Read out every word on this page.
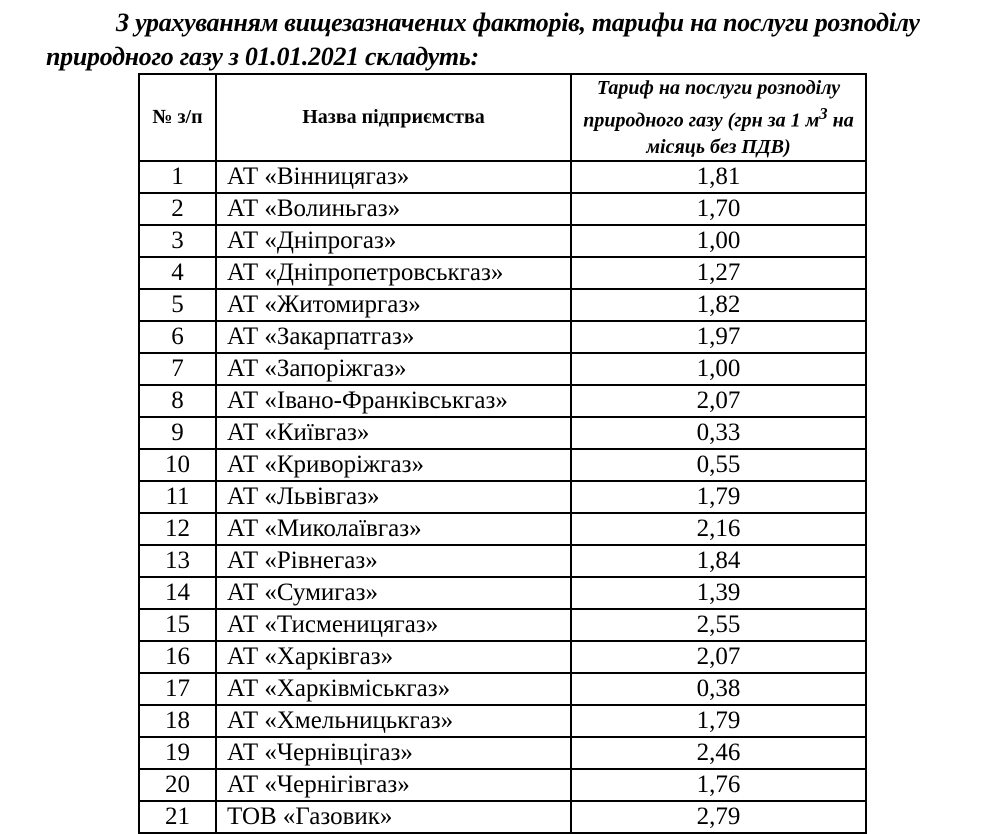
З урахуванням вищезазначених факторів, тарифи на послуги розподілу природного газу з 01.01.2021 складуть:

№ з/п	Назва підприємства	Тариф на послуги розподілу природного газу (грн за 1 $м^3$ на місяць без ПДВ)
1	АТ «Вінницягаз»	1,81
2	АТ «Волиньгаз»	1,70
3	АТ «Дніпрогаз»	1,00
4	АТ «Дніпропетровськгаз»	1,27
5	АТ «Житомиргаз»	1,82
6	АТ «Закарпатгаз»	1,97
7	АТ «Запоріжгаз»	1,00
8	АТ «Івано-Франківськгаз»	2,07
9	АТ «Київгаз»	0,33
10	АТ «Криворіжгаз»	0,55
11	АТ «Львівгаз»	1,79
12	АТ «Миколаївгаз»	2,16
13	АТ «Рівнегаз»	1,84
14	АТ «Сумигаз»	1,39
15	АТ «Тисменицягаз»	2,55
16	АТ «Харківгаз»	2,07
17	АТ «Харківміськгаз»	0,38
18	АТ «Хмельницькгаз»	1,79
19	АТ «Чернівцігаз»	2,46
20	АТ «Чернігівгаз»	1,76
21	ТОВ «Газовик»	2,79
